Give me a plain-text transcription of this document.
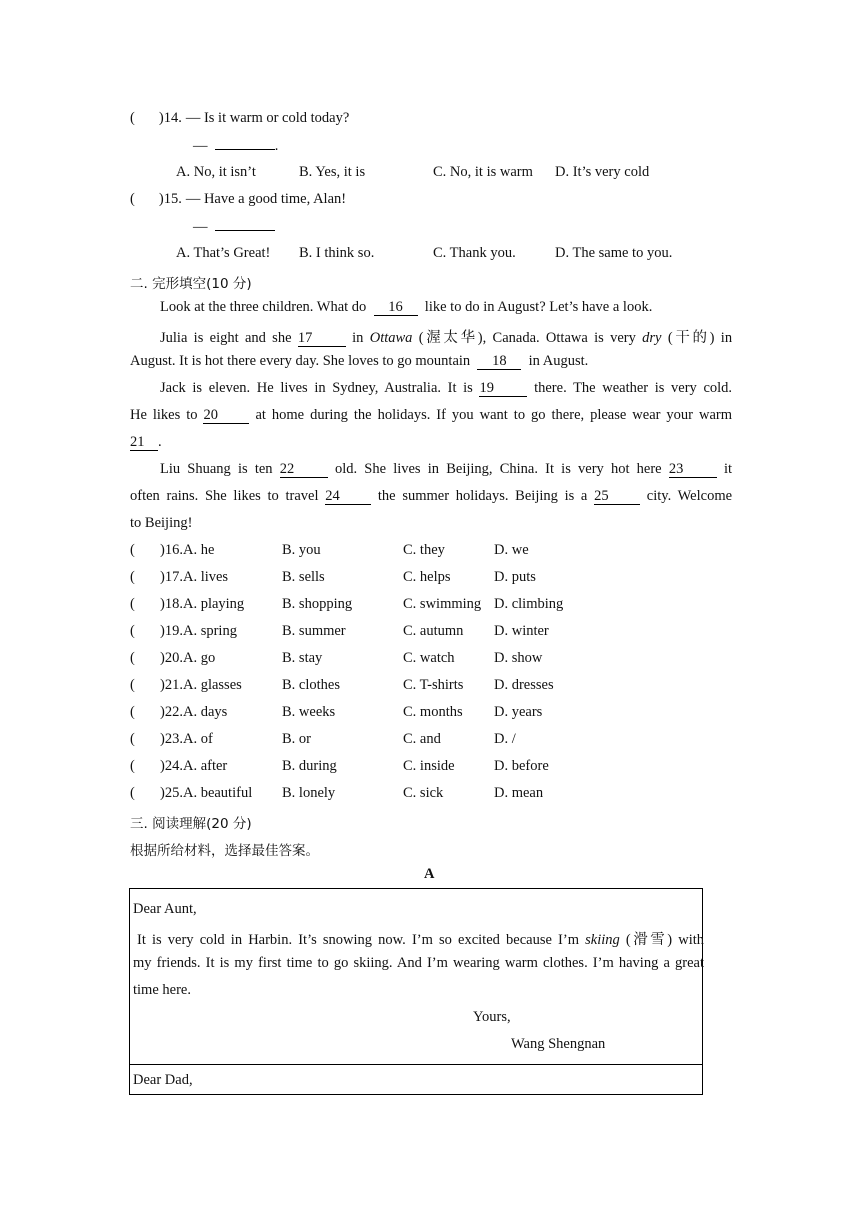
( )14. — Is it warm or cold today?
—	.
A. No, it isn’t	B. Yes, it is	C. No, it is warm D. It’s very cold
( )15. — Have a good time, Alan!
—
A. That’s Great! B. I think so.	C. Thank you.	D. The same to you.
二. 完形填空(10 分)
Look at the three children. What do 16 like to do in August? Let’s have a look.
Julia is eight and she 17	in Ottawa (渥太华), Canada. Ottawa is very dry (干的) in
August. It is hot there every day. She loves to go mountain 18 in August.
Jack is eleven. He lives in Sydney, Australia. It is 19	there. The weather is very cold.
He likes to 20	at home during the holidays. If you want to go there, please wear your warm
21 .
Liu Shuang is ten 22	old. She lives in Beijing, China. It is very hot here 23	it
often rains. She likes to travel 24	the summer holidays. Beijing is a 25	city. Welcome
to Beijing!
( )16.A. he	B. you	C. they	D. we
( )17.A. lives	B. sells	C. helps	D. puts
( )18.A. playing	B. shopping	C. swimming D. climbing
( )19.A. spring	B. summer	C. autumn D. winter
( )20.A. go	B. stay	C. watch	D. show
( )21.A. glasses	B. clothes	C. T-shirts D. dresses
( )22.A. days	B. weeks	C. months D. years
( )23.A. of	B. or	C. and	D. /
( )24.A. after	B. during	C. inside	D. before
( )25.A. beautiful B. lonely	C. sick	D. mean
三. 阅读理解(20 分)
根据所给材料，选择最佳答案。
A
Dear Aunt,
It is very cold in Harbin. It’s snowing now. I’m so excited because I’m skiing (滑雪) with
my friends. It is my first time to go skiing. And I’m wearing warm clothes. I’m having a great
time here.
Yours,
Wang Shengnan
Dear Dad,
